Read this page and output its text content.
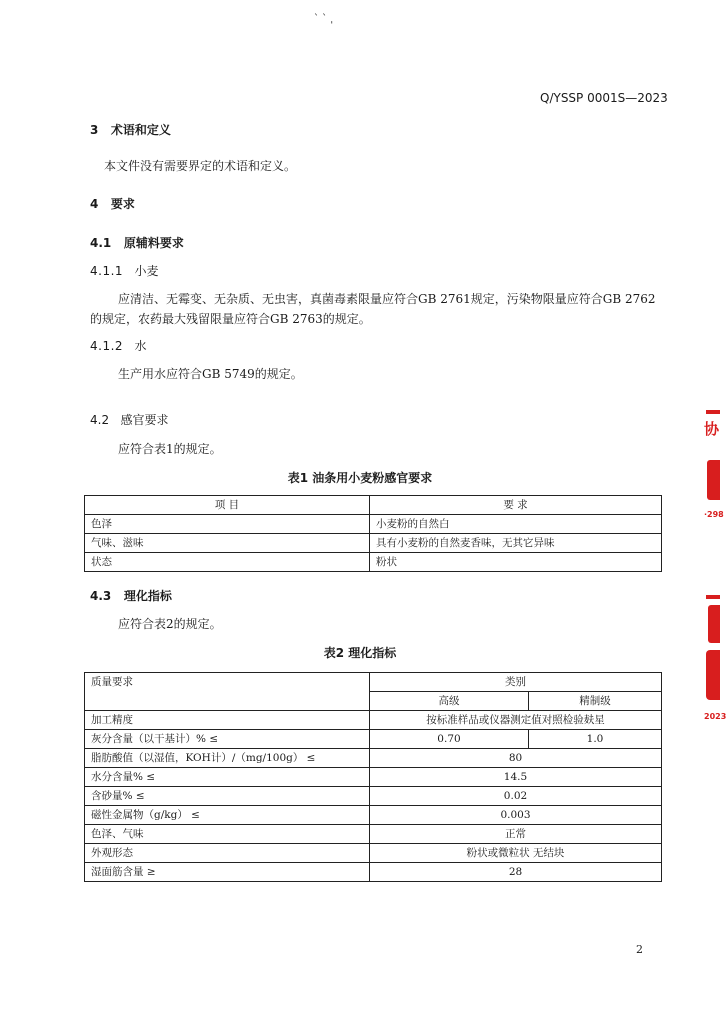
ˋ ˋ ˌ
Q/YSSP 0001S—2023
3 术语和定义
本文件没有需要界定的术语和定义。
4 要求
4.1 原辅料要求
4.1.1 小麦
应清洁、无霉变、无杂质、无虫害，真菌毒素限量应符合GB 2761规定，污染物限量应符合GB 2762
的规定，农药最大残留限量应符合GB 2763的规定。
4.1.2 水
生产用水应符合GB 5749的规定。
4.2 感官要求
应符合表1的规定。
表1 油条用小麦粉感官要求
项 目	要 求
色泽	小麦粉的自然白
气味、滋味	具有小麦粉的自然麦香味，无其它异味
状态	粉状
4.3 理化指标
应符合表2的规定。
表2 理化指标
质量要求	类别	
	高级	精制级
加工精度	按标准样品或仪器测定值对照检验麸星	
灰分含量（以干基计）% ≤	0.70	1.0
脂肪酸值（以湿值，KOH计）/（mg/100g） ≤	80	
水分含量% ≤	14.5	
含砂量% ≤	0.02	
磁性金属物（g/kg） ≤	0.003	
色泽、气味	正常	
外观形态	粉状或微粒状 无结块	
湿面筋含量 ≥	28	
2
协
·298
2023
